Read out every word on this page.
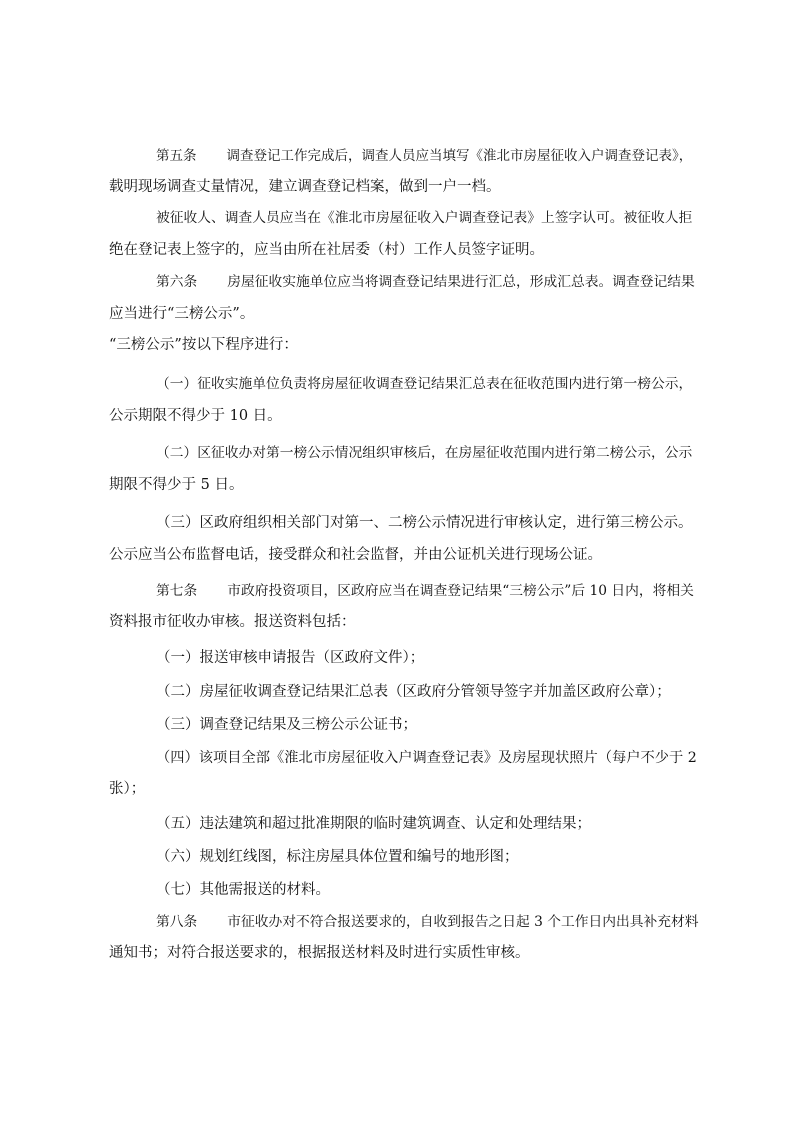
第五条 调查登记工作完成后，调查人员应当填写《淮北市房屋征收入户调查登记表》，
载明现场调查丈量情况，建立调查登记档案，做到一户一档。
被征收人、调查人员应当在《淮北市房屋征收入户调查登记表》上签字认可。被征收人拒
绝在登记表上签字的，应当由所在社居委（村）工作人员签字证明。
第六条 房屋征收实施单位应当将调查登记结果进行汇总，形成汇总表。调查登记结果
应当进行“三榜公示”。
“三榜公示”按以下程序进行：
（一）征收实施单位负责将房屋征收调查登记结果汇总表在征收范围内进行第一榜公示，
公示期限不得少于 10 日。
（二）区征收办对第一榜公示情况组织审核后，在房屋征收范围内进行第二榜公示，公示
期限不得少于 5 日。
（三）区政府组织相关部门对第一、二榜公示情况进行审核认定，进行第三榜公示。
公示应当公布监督电话，接受群众和社会监督，并由公证机关进行现场公证。
第七条 市政府投资项目，区政府应当在调查登记结果“三榜公示”后 10 日内，将相关
资料报市征收办审核。报送资料包括：
（一）报送审核申请报告（区政府文件）；
（二）房屋征收调查登记结果汇总表（区政府分管领导签字并加盖区政府公章）；
（三）调查登记结果及三榜公示公证书；
（四）该项目全部《淮北市房屋征收入户调查登记表》及房屋现状照片（每户不少于 2
张）；
（五）违法建筑和超过批准期限的临时建筑调查、认定和处理结果；
（六）规划红线图，标注房屋具体位置和编号的地形图；
（七）其他需报送的材料。
第八条 市征收办对不符合报送要求的，自收到报告之日起 3 个工作日内出具补充材料
通知书；对符合报送要求的，根据报送材料及时进行实质性审核。
